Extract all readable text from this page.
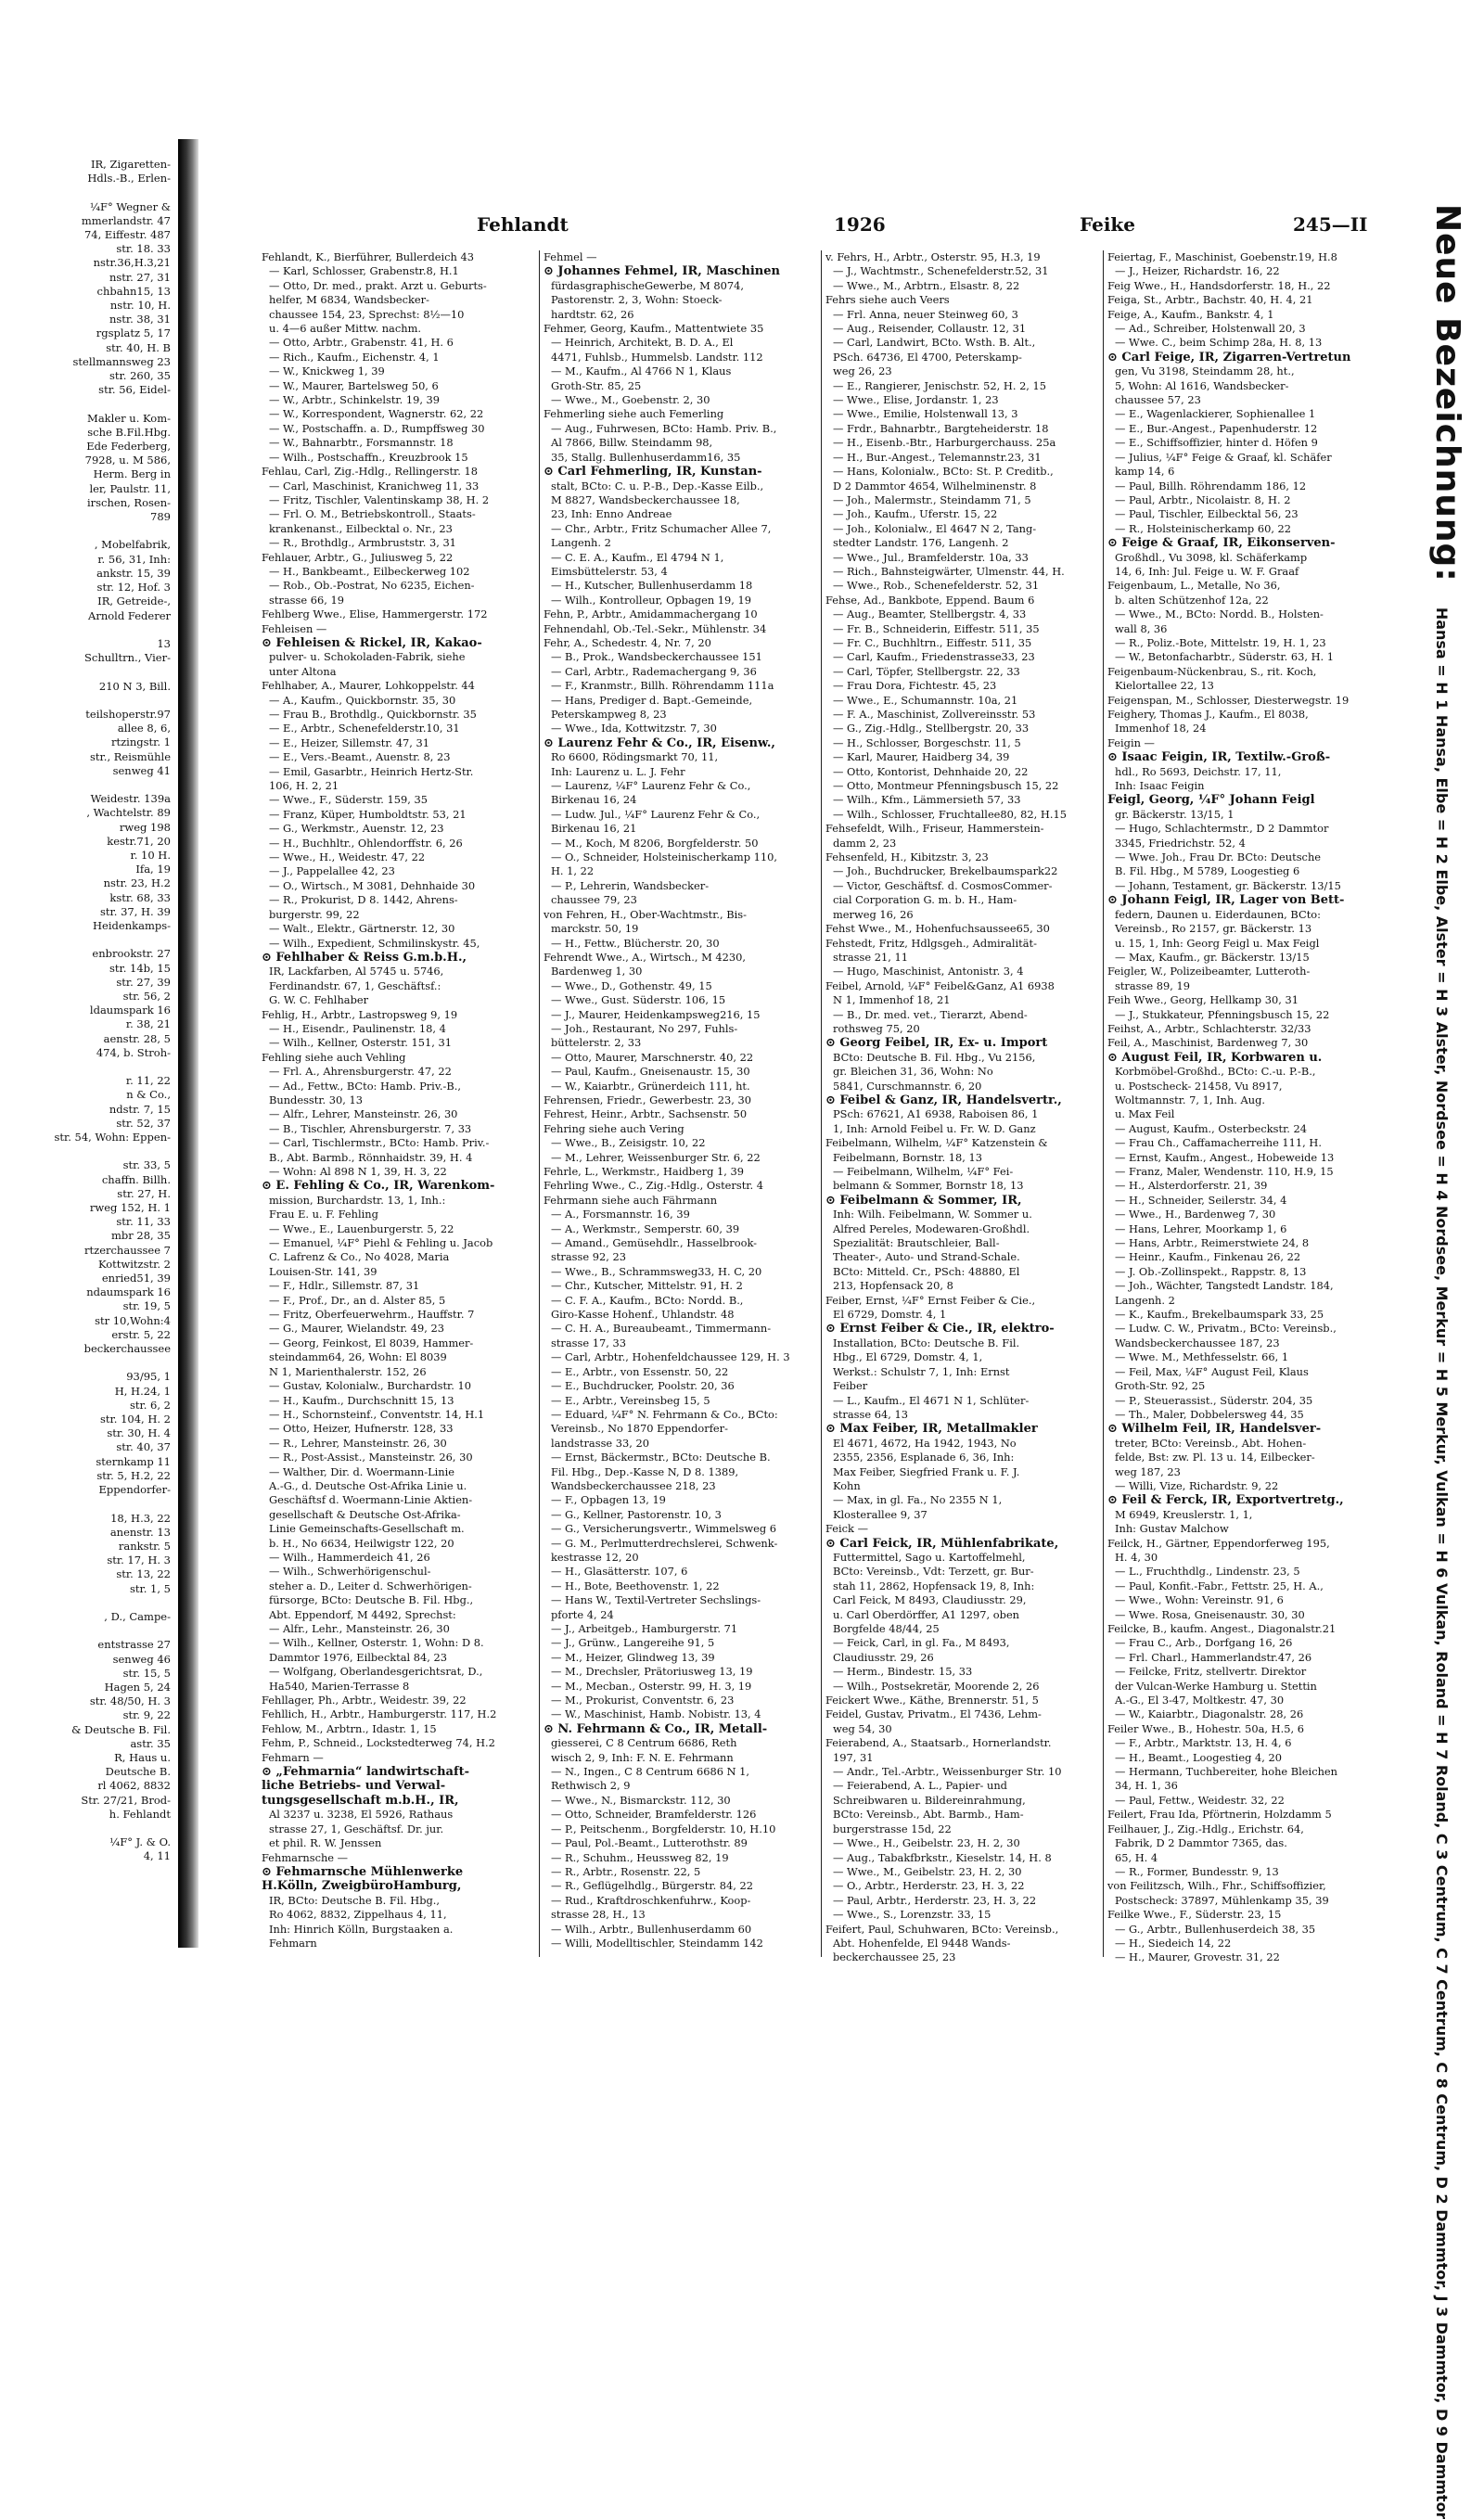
IR, Zigaretten-
Hdls.-B., Erlen-

¼F° Wegner &
mmerlandstr. 47
74, Eiffestr. 487
str. 18. 33
nstr.36,H.3,21
nstr. 27, 31
chbahn15, 13
nstr. 10, H.
nstr. 38, 31
rgsplatz 5, 17
str. 40, H. B
stellmannsweg 23
str. 260, 35
str. 56, Eidel-

Makler u. Kom-
sche B.Fil.Hbg.
Ede Federberg,
7928, u. M 586,
Herm. Berg in
ler, Paulstr. 11,
irschen, Rosen-
789

, Mobelfabrik,
r. 56, 31, Inh:
ankstr. 15, 39
str. 12, Hof. 3
IR, Getreide-,
Arnold Federer

13
Schulltrn., Vier-

210 N 3, Bill.

teilshoperstr.97
allee 8, 6,
rtzingstr. 1
str., Reismühle
senweg 41

Weidestr. 139a
, Wachtelstr. 89
rweg 198
kestr.71, 20
r. 10 H.
Ifa, 19
nstr. 23, H.2
kstr. 68, 33
str. 37, H. 39
Heidenkamps-

enbrookstr. 27
str. 14b, 15
str. 27, 39
str. 56, 2
ldaumspark 16
r. 38, 21
aenstr. 28, 5
474, b. Stroh-

r. 11, 22
n & Co.,
ndstr. 7, 15
str. 52, 37
str. 54, Wohn: Eppen-

str. 33, 5
chaffn. Billh.
str. 27, H.
rweg 152, H. 1
str. 11, 33
mbr 28, 35
rtzerchaussee 7
Kottwitzstr. 2
enried51, 39
ndaumspark 16
str. 19, 5
str 10,Wohn:4
erstr. 5, 22
beckerchaussee

93/95, 1
H, H.24, 1
str. 6, 2
str. 104, H. 2
str. 30, H. 4
str. 40, 37
sternkamp 11
str. 5, H.2, 22
Eppendorfer-

18, H.3, 22
anenstr. 13
rankstr. 5
str. 17, H. 3
str. 13, 22
str. 1, 5

, D., Campe-

entstrasse 27
senweg 46
str. 15, 5
Hagen 5, 24
str. 48/50, H. 3
str. 9, 22
& Deutsche B. Fil.
astr. 35
R, Haus u.
Deutsche B.
rl 4062, 8832
Str. 27/21, Brod-
h. Fehlandt

¼F° J. & O.
4, 11
Fehlandt	1926	Feike	245—II
Fehlandt, K., Bierführer, Bullerdeich 43
— Karl, Schlosser, Grabenstr.8, H.1
— Otto, Dr. med., prakt. Arzt u. Geburts-
helfer, M 6834, Wandsbecker-
chaussee 154, 23, Sprechst: 8½—10
u. 4—6 außer Mittw. nachm.
— Otto, Arbtr., Grabenstr. 41, H. 6
— Rich., Kaufm., Eichenstr. 4, 1
— W., Knickweg 1, 39
— W., Maurer, Bartelsweg 50, 6
— W., Arbtr., Schinkelstr. 19, 39
— W., Korrespondent, Wagnerstr. 62, 22
— W., Postschaffn. a. D., Rumpffsweg 30
— W., Bahnarbtr., Forsmannstr. 18
— Wilh., Postschaffn., Kreuzbrook 15
Fehlau, Carl, Zig.-Hdlg., Rellingerstr. 18
— Carl, Maschinist, Kranichweg 11, 33
— Fritz, Tischler, Valentinskamp 38, H. 2
— Frl. O. M., Betriebskontroll., Staats-
krankenanst., Eilbecktal o. Nr., 23
— R., Brothdlg., Armbruststr. 3, 31
Fehlauer, Arbtr., G., Juliusweg 5, 22
— H., Bankbeamt., Eilbeckerweg 102
— Rob., Ob.-Postrat, No 6235, Eichen-
strasse 66, 19
Fehlberg Wwe., Elise, Hammergerstr. 172
Fehleisen —
⊙ Fehleisen & Rickel, IR, Kakao-
pulver- u. Schokoladen-Fabrik, siehe
unter Altona
Fehlhaber, A., Maurer, Lohkoppelstr. 44
— A., Kaufm., Quickbornstr. 35, 30
— Frau B., Brothdlg., Quickbornstr. 35
— E., Arbtr., Schenefelderstr.10, 31
— E., Heizer, Sillemstr. 47, 31
— E., Vers.-Beamt., Auenstr. 8, 23
— Emil, Gasarbtr., Heinrich Hertz-Str.
106, H. 2, 21
— Wwe., F., Süderstr. 159, 35
— Franz, Küper, Humboldtstr. 53, 21
— G., Werkmstr., Auenstr. 12, 23
— H., Buchhltr., Ohlendorffstr. 6, 26
— Wwe., H., Weidestr. 47, 22
— J., Pappelallee 42, 23
— O., Wirtsch., M 3081, Dehnhaide 30
— R., Prokurist, D 8. 1442, Ahrens-
burgerstr. 99, 22
— Walt., Elektr., Gärtnerstr. 12, 30
— Wilh., Expedient, Schmilinskystr. 45,
⊙ Fehlhaber & Reiss G.m.b.H.,
IR, Lackfarben, Al 5745 u. 5746,
Ferdinandstr. 67, 1, Geschäftsf.:
G. W. C. Fehlhaber
Fehlig, H., Arbtr., Lastropsweg 9, 19
— H., Eisendr., Paulinenstr. 18, 4
— Wilh., Kellner, Osterstr. 151, 31
Fehling siehe auch Vehling
— Frl. A., Ahrensburgerstr. 47, 22
— Ad., Fettw., BCto: Hamb. Priv.-B.,
Bundesstr. 30, 13
— Alfr., Lehrer, Mansteinstr. 26, 30
— B., Tischler, Ahrensburgerstr. 7, 33
— Carl, Tischlermstr., BCto: Hamb. Priv.-
B., Abt. Barmb., Rönnhaidstr. 39, H. 4
— Wohn: Al 898 N 1, 39, H. 3, 22
⊙ E. Fehling & Co., IR, Warenkom-
mission, Burchardstr. 13, 1, Inh.:
Frau E. u. F. Fehling
— Wwe., E., Lauenburgerstr. 5, 22
— Emanuel, ¼F° Piehl & Fehling u. Jacob
C. Lafrenz & Co., No 4028, Maria
Louisen-Str. 141, 39
— F., Hdlr., Sillemstr. 87, 31
— F., Prof., Dr., an d. Alster 85, 5
— Fritz, Oberfeuerwehrm., Hauffstr. 7
— G., Maurer, Wielandstr. 49, 23
— Georg, Feinkost, El 8039, Hammer-
steindamm64, 26, Wohn: El 8039
N 1, Marienthalerstr. 152, 26
— Gustav, Kolonialw., Burchardstr. 10
— H., Kaufm., Durchschnitt 15, 13
— H., Schornsteinf., Conventstr. 14, H.1
— Otto, Heizer, Hufnerstr. 128, 33
— R., Lehrer, Mansteinstr. 26, 30
— R., Post-Assist., Mansteinstr. 26, 30
— Walther, Dir. d. Woermann-Linie
A.-G., d. Deutsche Ost-Afrika Linie u.
Geschäftsf d. Woermann-Linie Aktien-
gesellschaft & Deutsche Ost-Afrika-
Linie Gemeinschafts-Gesellschaft m.
b. H., No 6634, Heilwigstr 122, 20
— Wilh., Hammerdeich 41, 26
— Wilh., Schwerhörigenschul-
steher a. D., Leiter d. Schwerhörigen-
fürsorge, BCto: Deutsche B. Fil. Hbg.,
Abt. Eppendorf, M 4492, Sprechst:
— Alfr., Lehr., Mansteinstr. 26, 30
— Wilh., Kellner, Osterstr. 1, Wohn: D 8.
Dammtor 1976, Eilbecktal 84, 23
— Wolfgang, Oberlandesgerichtsrat, D.,
Ha540, Marien-Terrasse 8
Fehllager, Ph., Arbtr., Weidestr. 39, 22
Fehllich, H., Arbtr., Hamburgerstr. 117, H.2
Fehlow, M., Arbtrn., Idastr. 1, 15
Fehm, P., Schneid., Lockstedterweg 74, H.2
Fehmarn —
⊙ „Fehmarnia“ landwirtschaft-
liche Betriebs- und Verwal-
tungsgesellschaft m.b.H., IR,
Al 3237 u. 3238, El 5926, Rathaus
strasse 27, 1, Geschäftsf. Dr. jur.
et phil. R. W. Jenssen
Fehmarnsche —
⊙ Fehmarnsche Mühlenwerke
H.Kölln, ZweigbüroHamburg,
IR, BCto: Deutsche B. Fil. Hbg.,
Ro 4062, 8832, Zippelhaus 4, 11,
Inh: Hinrich Kölln, Burgstaaken a.
Fehmarn
Fehmel —
⊙ Johannes Fehmel, IR, Maschinen
fürdasgraphischeGewerbe, M 8074,
Pastorenstr. 2, 3, Wohn: Stoeck-
hardtstr. 62, 26
Fehmer, Georg, Kaufm., Mattentwiete 35
— Heinrich, Architekt, B. D. A., El
4471, Fuhlsb., Hummelsb. Landstr. 112
— M., Kaufm., Al 4766 N 1, Klaus
Groth-Str. 85, 25
— Wwe., M., Goebenstr. 2, 30
Fehmerling siehe auch Femerling
— Aug., Fuhrwesen, BCto: Hamb. Priv. B.,
Al 7866, Billw. Steindamm 98,
35, Stallg. Bullenhuserdamm16, 35
⊙ Carl Fehmerling, IR, Kunstan-
stalt, BCto: C. u. P.-B., Dep.-Kasse Eilb.,
M 8827, Wandsbeckerchaussee 18,
23, Inh: Enno Andreae
— Chr., Arbtr., Fritz Schumacher Allee 7,
Langenh. 2
— C. E. A., Kaufm., El 4794 N 1,
Eimsbüttelerstr. 53, 4
— H., Kutscher, Bullenhuserdamm 18
— Wilh., Kontrolleur, Opbagen 19, 19
Fehn, P., Arbtr., Amidammachergang 10
Fehnendahl, Ob.-Tel.-Sekr., Mühlenstr. 34
Fehr, A., Schedestr. 4, Nr. 7, 20
— B., Prok., Wandsbeckerchaussee 151
— Carl, Arbtr., Rademachergang 9, 36
— F., Kranmstr., Billh. Röhrendamm 111a
— Hans, Prediger d. Bapt.-Gemeinde,
Peterskampweg 8, 23
— Wwe., Ida, Kottwitzstr. 7, 30
⊙ Laurenz Fehr & Co., IR, Eisenw.,
Ro 6600, Rödingsmarkt 70, 11,
Inh: Laurenz u. L. J. Fehr
— Laurenz, ¼F° Laurenz Fehr & Co.,
Birkenau 16, 24
— Ludw. Jul., ¼F° Laurenz Fehr & Co.,
Birkenau 16, 21
— M., Koch, M 8206, Borgfelderstr. 50
— O., Schneider, Holsteinischerkamp 110,
H. 1, 22
— P., Lehrerin, Wandsbecker-
chaussee 79, 23
von Fehren, H., Ober-Wachtmstr., Bis-
marckstr. 50, 19
— H., Fettw., Blücherstr. 20, 30
Fehrendt Wwe., A., Wirtsch., M 4230,
Bardenweg 1, 30
— Wwe., D., Gothenstr. 49, 15
— Wwe., Gust. Süderstr. 106, 15
— J., Maurer, Heidenkampsweg216, 15
— Joh., Restaurant, No 297, Fuhls-
büttelerstr. 2, 33
— Otto, Maurer, Marschnerstr. 40, 22
— Paul, Kaufm., Gneisenaustr. 15, 30
— W., Kaiarbtr., Grünerdeich 111, ht.
Fehrensen, Friedr., Gewerbestr. 23, 30
Fehrest, Heinr., Arbtr., Sachsenstr. 50
Fehring siehe auch Vering
— Wwe., B., Zeisigstr. 10, 22
— M., Lehrer, Weissenburger Str. 6, 22
Fehrle, L., Werkmstr., Haidberg 1, 39
Fehrling Wwe., C., Zig.-Hdlg., Osterstr. 4
Fehrmann siehe auch Fährmann
— A., Forsmannstr. 16, 39
— A., Werkmstr., Semperstr. 60, 39
— Amand., Gemüsehdlr., Hasselbrook-
strasse 92, 23
— Wwe., B., Schrammsweg33, H. C, 20
— Chr., Kutscher, Mittelstr. 91, H. 2
— C. F. A., Kaufm., BCto: Nordd. B.,
Giro-Kasse Hohenf., Uhlandstr. 48
— C. H. A., Bureaubeamt., Timmermann-
strasse 17, 33
— Carl, Arbtr., Hohenfeldchaussee 129, H. 3
— E., Arbtr., von Essenstr. 50, 22
— E., Buchdrucker, Poolstr. 20, 36
— E., Arbtr., Vereinsbeg 15, 5
— Eduard, ¼F° N. Fehrmann & Co., BCto:
Vereinsb., No 1870 Eppendorfer-
landstrasse 33, 20
— Ernst, Bäckermstr., BCto: Deutsche B.
Fil. Hbg., Dep.-Kasse N, D 8. 1389,
Wandsbeckerchaussee 218, 23
— F., Opbagen 13, 19
— G., Kellner, Pastorenstr. 10, 3
— G., Versicherungsvertr., Wimmelsweg 6
— G. M., Perlmutterdrechslerei, Schwenk-
kestrasse 12, 20
— H., Glasätterstr. 107, 6
— H., Bote, Beethovenstr. 1, 22
— Hans W., Textil-Vertreter Sechslings-
pforte 4, 24
— J., Arbeitgeb., Hamburgerstr. 71
— J., Grünw., Langereihe 91, 5
— M., Heizer, Glindweg 13, 39
— M., Drechsler, Prätoriusweg 13, 19
— M., Mecban., Osterstr. 99, H. 3, 19
— M., Prokurist, Conventstr. 6, 23
— W., Maschinist, Hamb. Nobistr. 13, 4
⊙ N. Fehrmann & Co., IR, Metall-
giesserei, C 8 Centrum 6686, Reth
wisch 2, 9, Inh: F. N. E. Fehrmann
— N., Ingen., C 8 Centrum 6686 N 1,
Rethwisch 2, 9
— Wwe., N., Bismarckstr. 112, 30
— Otto, Schneider, Bramfelderstr. 126
— P., Peitschenm., Borgfelderstr. 10, H.10
— Paul, Pol.-Beamt., Lutterothstr. 89
— R., Schuhm., Heussweg 82, 19
— R., Arbtr., Rosenstr. 22, 5
— R., Geflügelhdlg., Bürgerstr. 84, 22
— Rud., Kraftdroschkenfuhrw., Koop-
strasse 28, H., 13
— Wilh., Arbtr., Bullenhuserdamm 60
— Willi, Modelltischler, Steindamm 142
v. Fehrs, H., Arbtr., Osterstr. 95, H.3, 19
— J., Wachtmstr., Schenefelderstr.52, 31
— Wwe., M., Arbtrn., Elsastr. 8, 22
Fehrs siehe auch Veers
— Frl. Anna, neuer Steinweg 60, 3
— Aug., Reisender, Collaustr. 12, 31
— Carl, Landwirt, BCto. Wsth. B. Alt.,
PSch. 64736, El 4700, Peterskamp-
weg 26, 23
— E., Rangierer, Jenischstr. 52, H. 2, 15
— Wwe., Elise, Jordanstr. 1, 23
— Wwe., Emilie, Holstenwall 13, 3
— Frdr., Bahnarbtr., Bargteheiderstr. 18
— H., Eisenb.-Btr., Harburgerchauss. 25a
— H., Bur.-Angest., Telemannstr.23, 31
— Hans, Kolonialw., BCto: St. P. Creditb.,
D 2 Dammtor 4654, Wilhelminenstr. 8
— Joh., Malermstr., Steindamm 71, 5
— Joh., Kaufm., Uferstr. 15, 22
— Joh., Kolonialw., El 4647 N 2, Tang-
stedter Landstr. 176, Langenh. 2
— Wwe., Jul., Bramfelderstr. 10a, 33
— Rich., Bahnsteigwärter, Ulmenstr. 44, H.
— Wwe., Rob., Schenefelderstr. 52, 31
Fehse, Ad., Bankbote, Eppend. Baum 6
— Aug., Beamter, Stellbergstr. 4, 33
— Fr. B., Schneiderin, Eiffestr. 511, 35
— Fr. C., Buchhltrn., Eiffestr. 511, 35
— Carl, Kaufm., Friedenstrasse33, 23
— Carl, Töpfer, Stellbergstr. 22, 33
— Frau Dora, Fichtestr. 45, 23
— Wwe., E., Schumannstr. 10a, 21
— F. A., Maschinist, Zollvereinsstr. 53
— G., Zig.-Hdlg., Stellbergstr. 20, 33
— H., Schlosser, Borgeschstr. 11, 5
— Karl, Maurer, Haidberg 34, 39
— Otto, Kontorist, Dehnhaide 20, 22
— Otto, Montmeur Pfenningsbusch 15, 22
— Wilh., Kfm., Lämmersieth 57, 33
— Wilh., Schlosser, Fruchtallee80, 82, H.15
Fehsefeldt, Wilh., Friseur, Hammerstein-
damm 2, 23
Fehsenfeld, H., Kibitzstr. 3, 23
— Joh., Buchdrucker, Brekelbaumspark22
— Victor, Geschäftsf. d. CosmosCommer-
cial Corporation G. m. b. H., Ham-
merweg 16, 26
Fehst Wwe., M., Hohenfuchsaussee65, 30
Fehstedt, Fritz, Hdlgsgeh., Admiralität-
strasse 21, 11
— Hugo, Maschinist, Antonistr. 3, 4
Feibel, Arnold, ¼F° Feibel&Ganz, A1 6938
N 1, Immenhof 18, 21
— B., Dr. med. vet., Tierarzt, Abend-
rothsweg 75, 20
⊙ Georg Feibel, IR, Ex- u. Import
BCto: Deutsche B. Fil. Hbg., Vu 2156,
gr. Bleichen 31, 36, Wohn: No
5841, Curschmannstr. 6, 20
⊙ Feibel & Ganz, IR, Handelsvertr.,
PSch: 67621, A1 6938, Raboisen 86, 1
1, Inh: Arnold Feibel u. Fr. W. D. Ganz
Feibelmann, Wilhelm, ¼F° Katzenstein &
Feibelmann, Bornstr. 18, 13
— Feibelmann, Wilhelm, ¼F° Fei-
belmann & Sommer, Bornstr 18, 13
⊙ Feibelmann & Sommer, IR,
Inh: Wilh. Feibelmann, W. Sommer u.
Alfred Pereles, Modewaren-Großhdl.
Spezialität: Brautschleier, Ball-
Theater-, Auto- und Strand-Schale.
BCto: Mitteld. Cr., PSch: 48880, El
213, Hopfensack 20, 8
Feiber, Ernst, ¼F° Ernst Feiber & Cie.,
El 6729, Domstr. 4, 1
⊙ Ernst Feiber & Cie., IR, elektro-
Installation, BCto: Deutsche B. Fil.
Hbg., El 6729, Domstr. 4, 1,
Werkst.: Schulstr 7, 1, Inh: Ernst
Feiber
— L., Kaufm., El 4671 N 1, Schlüter-
strasse 64, 13
⊙ Max Feiber, IR, Metallmakler
El 4671, 4672, Ha 1942, 1943, No
2355, 2356, Esplanade 6, 36, Inh:
Max Feiber, Siegfried Frank u. F. J.
Kohn
— Max, in gl. Fa., No 2355 N 1,
Klosterallee 9, 37
Feick —
⊙ Carl Feick, IR, Mühlenfabrikate,
Futtermittel, Sago u. Kartoffelmehl,
BCto: Vereinsb., Vdt: Terzett, gr. Bur-
stah 11, 2862, Hopfensack 19, 8, Inh:
Carl Feick, M 8493, Claudiusstr. 29,
u. Carl Oberdörffer, A1 1297, oben
Borgfelde 48/44, 25
— Feick, Carl, in gl. Fa., M 8493,
Claudiusstr. 29, 26
— Herm., Bindestr. 15, 33
— Wilh., Postsekretär, Moorende 2, 26
Feickert Wwe., Käthe, Brennerstr. 51, 5
Feidel, Gustav, Privatm., El 7436, Lehm-
weg 54, 30
Feierabend, A., Staatsarb., Hornerlandstr.
197, 31
— Andr., Tel.-Arbtr., Weissenburger Str. 10
— Feierabend, A. L., Papier- und
Schreibwaren u. Bildereinrahmung,
BCto: Vereinsb., Abt. Barmb., Ham-
burgerstrasse 15d, 22
— Wwe., H., Geibelstr. 23, H. 2, 30
— Aug., Tabakfbrkstr., Kieselstr. 14, H. 8
— Wwe., M., Geibelstr. 23, H. 2, 30
— O., Arbtr., Herderstr. 23, H. 3, 22
— Paul, Arbtr., Herderstr. 23, H. 3, 22
— Wwe., S., Lorenzstr. 33, 15
Feifert, Paul, Schuhwaren, BCto: Vereinsb.,
Abt. Hohenfelde, El 9448 Wands-
beckerchaussee 25, 23
Feiertag, F., Maschinist, Goebenstr.19, H.8
— J., Heizer, Richardstr. 16, 22
Feig Wwe., H., Handsdorferstr. 18, H., 22
Feiga, St., Arbtr., Bachstr. 40, H. 4, 21
Feige, A., Kaufm., Bankstr. 4, 1
— Ad., Schreiber, Holstenwall 20, 3
— Wwe. C., beim Schimp 28a, H. 8, 13
⊙ Carl Feige, IR, Zigarren-Vertretun
gen, Vu 3198, Steindamm 28, ht.,
5, Wohn: Al 1616, Wandsbecker-
chaussee 57, 23
— E., Wagenlackierer, Sophienallee 1
— E., Bur.-Angest., Papenhuderstr. 12
— E., Schiffsoffizier, hinter d. Höfen 9
— Julius, ¼F° Feige & Graaf, kl. Schäfer
kamp 14, 6
— Paul, Billh. Röhrendamm 186, 12
— Paul, Arbtr., Nicolaistr. 8, H. 2
— Paul, Tischler, Eilbecktal 56, 23
— R., Holsteinischerkamp 60, 22
⊙ Feige & Graaf, IR, Eikonserven-
Großhdl., Vu 3098, kl. Schäferkamp
14, 6, Inh: Jul. Feige u. W. F. Graaf
Feigenbaum, L., Metalle, No 36,
b. alten Schützenhof 12a, 22
— Wwe., M., BCto: Nordd. B., Holsten-
wall 8, 36
— R., Poliz.-Bote, Mittelstr. 19, H. 1, 23
— W., Betonfacharbtr., Süderstr. 63, H. 1
Feigenbaum-Nückenbrau, S., rit. Koch,
Kielortallee 22, 13
Feigenspan, M., Schlosser, Diesterwegstr. 19
Feighery, Thomas J., Kaufm., El 8038,
Immenhof 18, 24
Feigin —
⊙ Isaac Feigin, IR, Textilw.-Groß-
hdl., Ro 5693, Deichstr. 17, 11,
Inh: Isaac Feigin
Feigl, Georg, ¼F° Johann Feigl
gr. Bäckerstr. 13/15, 1
— Hugo, Schlachtermstr., D 2 Dammtor
3345, Friedrichstr. 52, 4
— Wwe. Joh., Frau Dr. BCto: Deutsche
B. Fil. Hbg., M 5789, Loogestieg 6
— Johann, Testament, gr. Bäckerstr. 13/15
⊙ Johann Feigl, IR, Lager von Bett-
federn, Daunen u. Eiderdaunen, BCto:
Vereinsb., Ro 2157, gr. Bäckerstr. 13
u. 15, 1, Inh: Georg Feigl u. Max Feigl
— Max, Kaufm., gr. Bäckerstr. 13/15
Feigler, W., Polizeibeamter, Lutteroth-
strasse 89, 19
Feih Wwe., Georg, Hellkamp 30, 31
— J., Stukkateur, Pfenningsbusch 15, 22
Feihst, A., Arbtr., Schlachterstr. 32/33
Feil, A., Maschinist, Bardenweg 7, 30
⊙ August Feil, IR, Korbwaren u.
Korbmöbel-Großhd., BCto: C.-u. P.-B.,
u. Postscheck- 21458, Vu 8917,
Woltmannstr. 7, 1, Inh. Aug.
u. Max Feil
— August, Kaufm., Osterbeckstr. 24
— Frau Ch., Caffamacherreihe 111, H.
— Ernst, Kaufm., Angest., Hobeweide 13
— Franz, Maler, Wendenstr. 110, H.9, 15
— H., Alsterdorferstr. 21, 39
— H., Schneider, Seilerstr. 34, 4
— Wwe., H., Bardenweg 7, 30
— Hans, Lehrer, Moorkamp 1, 6
— Hans, Arbtr., Reimerstwiete 24, 8
— Heinr., Kaufm., Finkenau 26, 22
— J. Ob.-Zollinspekt., Rappstr. 8, 13
— Joh., Wächter, Tangstedt Landstr. 184,
Langenh. 2
— K., Kaufm., Brekelbaumspark 33, 25
— Ludw. C. W., Privatm., BCto: Vereinsb.,
Wandsbeckerchaussee 187, 23
— Wwe. M., Methfesselstr. 66, 1
— Feil, Max, ¼F° August Feil, Klaus
Groth-Str. 92, 25
— P., Steuerassist., Süderstr. 204, 35
— Th., Maler, Dobbelersweg 44, 35
⊙ Wilhelm Feil, IR, Handelsver-
treter, BCto: Vereinsb., Abt. Hohen-
felde, Bst: zw. Pl. 13 u. 14, Eilbecker-
weg 187, 23
— Willi, Vize, Richardstr. 9, 22
⊙ Feil & Ferck, IR, Exportvertretg.,
M 6949, Kreuslerstr. 1, 1,
Inh: Gustav Malchow
Feilck, H., Gärtner, Eppendorferweg 195,
H. 4, 30
— L., Fruchthdlg., Lindenstr. 23, 5
— Paul, Konfit.-Fabr., Fettstr. 25, H. A.,
— Wwe., Wohn: Vereinstr. 91, 6
— Wwe. Rosa, Gneisenaustr. 30, 30
Feilcke, B., kaufm. Angest., Diagonalstr.21
— Frau C., Arb., Dorfgang 16, 26
— Frl. Charl., Hammerlandstr.47, 26
— Feilcke, Fritz, stellvertr. Direktor
der Vulcan-Werke Hamburg u. Stettin
A.-G., El 3-47, Moltkestr. 47, 30
— W., Kaiarbtr., Diagonalstr. 28, 26
Feiler Wwe., B., Hohestr. 50a, H.5, 6
— F., Arbtr., Marktstr. 13, H. 4, 6
— H., Beamt., Loogestieg 4, 20
— Hermann, Tuchbereiter, hohe Bleichen
34, H. 1, 36
— Paul, Fettw., Weidestr. 32, 22
Feilert, Frau Ida, Pförtnerin, Holzdamm 5
Feilhauer, J., Zig.-Hdlg., Erichstr. 64,
Fabrik, D 2 Dammtor 7365, das.
65, H. 4
— R., Former, Bundesstr. 9, 13
von Feilitzsch, Wilh., Fhr., Schiffsoffizier,
Postscheck: 37897, Mühlenkamp 35, 39
Feilke Wwe., F., Süderstr. 23, 15
— G., Arbtr., Bullenhuserdeich 38, 35
— H., Siedeich 14, 22
— H., Maurer, Grovestr. 31, 22
Neue Bezeichnung: Hansa = H 1 Hansa, Elbe = H 2 Elbe, Alster = H 3 Alster, Nordsee = H 4 Nordsee, Merkur = H 5 Merkur, Vulkan = H 6 Vulkan, Roland = H 7 Roland, C 3 Centrum, C 7 Centrum, C 8 Centrum, D 2 Dammtor, J 3 Dammtor, D 9 Dammtor
